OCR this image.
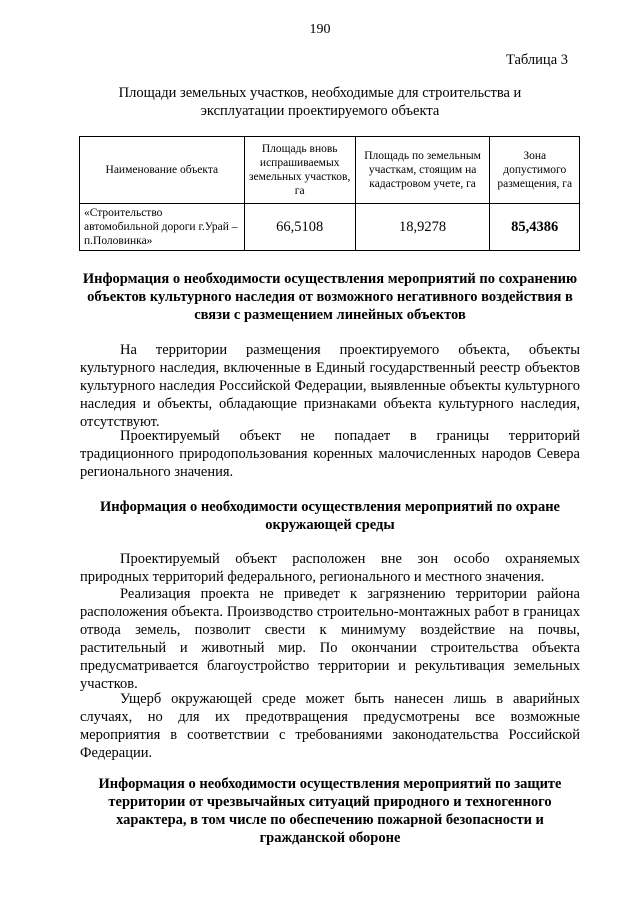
190
Таблица 3
Площади земельных участков, необходимые для строительства и эксплуатации проектируемого объекта
Наименование объекта	Площадь вновь испрашиваемых земельных участков, га	Площадь по земельным участкам, стоящим на кадастровом учете, га	Зона допустимого размещения, га
«Строительство автомобильной дороги г.Урай – п.Половинка»	66,5108	18,9278	85,4386
Информация о необходимости осуществления мероприятий по сохранению объектов культурного наследия от возможного негативного воздействия в связи с размещением линейных объектов
На территории размещения проектируемого объекта, объекты культурного наследия, включенные в Единый государственный реестр объектов культурного наследия Российской Федерации, выявленные объекты культурного наследия и объекты, обладающие признаками объекта культурного наследия, отсутствуют.
Проектируемый объект не попадает в границы территорий традиционного природопользования коренных малочисленных народов Севера регионального значения.
Информация о необходимости осуществления мероприятий по охране окружающей среды
Проектируемый объект расположен вне зон особо охраняемых природных территорий федерального, регионального и местного значения.
Реализация проекта не приведет к загрязнению территории района расположения объекта. Производство строительно-монтажных работ в границах отвода земель, позволит свести к минимуму воздействие на почвы, растительный и животный мир. По окончании строительства объекта предусматривается благоустройство территории и рекультивация земельных участков.
Ущерб окружающей среде может быть нанесен лишь в аварийных случаях, но для их предотвращения предусмотрены все возможные мероприятия в соответствии с требованиями законодательства Российской Федерации.
Информация о необходимости осуществления мероприятий по защите территории от чрезвычайных ситуаций природного и техногенного характера, в том числе по обеспечению пожарной безопасности и гражданской обороне
